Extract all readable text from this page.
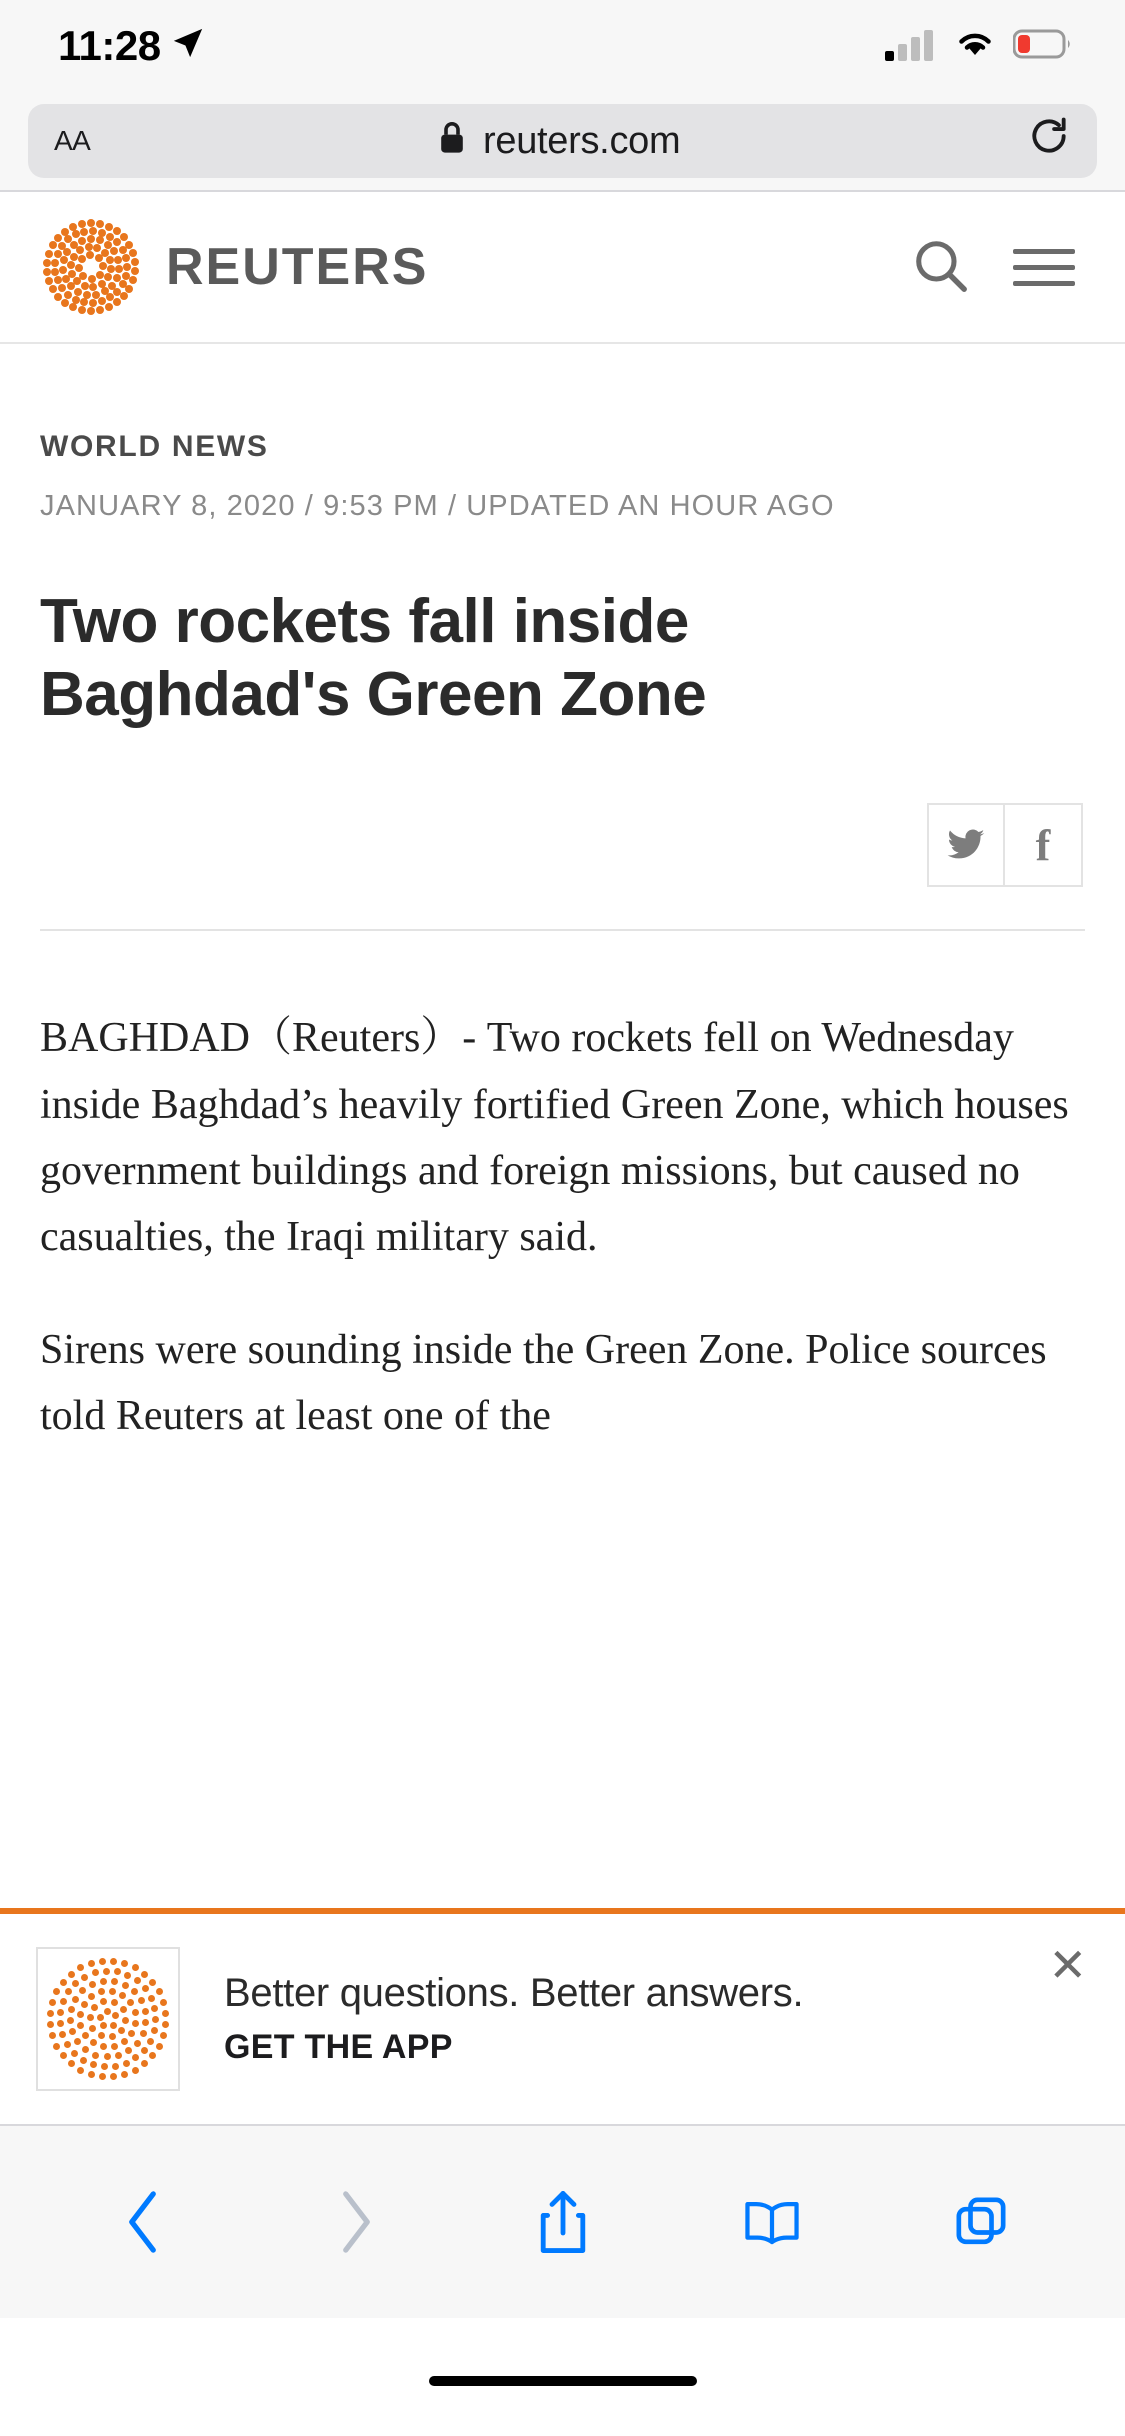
11:28
AA	reuters.com
REUTERS
WORLD NEWS
JANUARY 8, 2020 / 9:53 PM / UPDATED AN HOUR AGO
Two rockets fall inside Baghdad's Green Zone
f

BAGHDAD（Reuters）- Two rockets fell on Wednesday inside Baghdad’s heavily fortified Green Zone, which houses government buildings and foreign missions, but caused no casualties, the Iraqi military said.

Sirens were sounding inside the Green Zone. Police sources told Reuters at least one of the

Better questions. Better answers.
GET THE APP
✕
